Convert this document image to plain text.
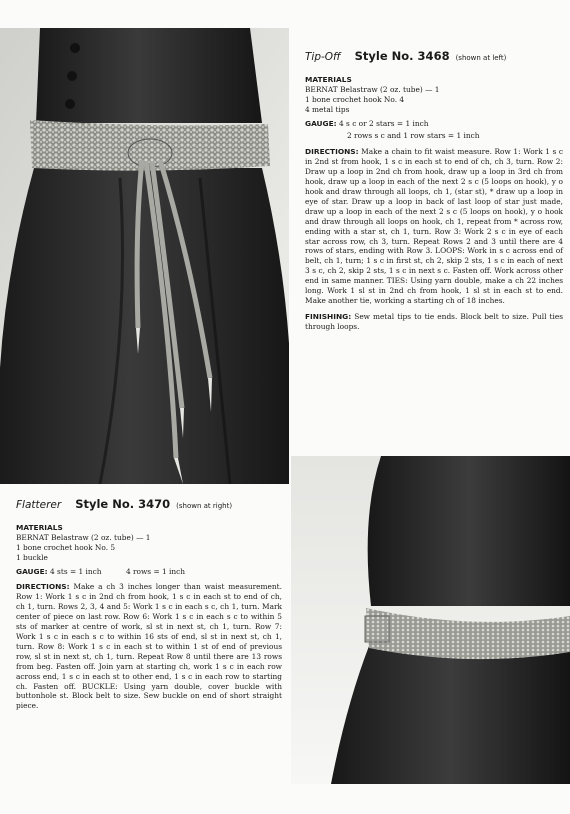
Tip-Off Style No. 3468 (shown at left)
MATERIALS
BERNAT Belastraw (2 oz. tube) — 1
1 bone crochet hook No. 4
4 metal tips
GAUGE: 4 s c or 2 stars = 1 inch
2 rows s c and 1 row stars = 1 inch
DIRECTIONS: Make a chain to fit waist measure. Row 1: Work 1 s c in 2nd st from hook, 1 s c in each st to end of ch, ch 3, turn. Row 2: Draw up a loop in 2nd ch from hook, draw up a loop in 3rd ch from hook, draw up a loop in each of the next 2 s c (5 loops on hook), y o hook and draw through all loops, ch 1, (star st), * draw up a loop in eye of star. Draw up a loop in back of last loop of star just made, draw up a loop in each of the next 2 s c (5 loops on hook), y o hook and draw through all loops on hook, ch 1, repeat from * across row, ending with a star st, ch 1, turn. Row 3: Work 2 s c in eye of each star across row, ch 3, turn. Repeat Rows 2 and 3 until there are 4 rows of stars, ending with Row 3. LOOPS: Work in s c across end of belt, ch 1, turn; 1 s c in first st, ch 2, skip 2 sts, 1 s c in each of next 3 s c, ch 2, skip 2 sts, 1 s c in next s c. Fasten off. Work across other end in same manner. TIES: Using yarn double, make a ch 22 inches long. Work 1 sl st in 2nd ch from hook, 1 sl st in each st to end. Make another tie, working a starting ch of 18 inches.
FINISHING: Sew metal tips to tie ends. Block belt to size. Pull ties through loops.
Flatterer Style No. 3470 (shown at right)
MATERIALS
BERNAT Belastraw (2 oz. tube) — 1
1 bone crochet hook No. 5
1 buckle
GAUGE: 4 sts = 1 inch	4 rows = 1 inch
DIRECTIONS: Make a ch 3 inches longer than waist measurement. Row 1: Work 1 s c in 2nd ch from hook, 1 s c in each st to end of ch, ch 1, turn. Rows 2, 3, 4 and 5: Work 1 s c in each s c, ch 1, turn. Mark center of piece on last row. Row 6: Work 1 s c in each s c to within 5 sts of marker at centre of work, sl st in next st, ch 1, turn. Row 7: Work 1 s c in each s c to within 16 sts of end, sl st in next st, ch 1, turn. Row 8: Work 1 s c in each st to within 1 st of end of previous row, sl st in next st, ch 1, turn. Repeat Row 8 until there are 13 rows from beg. Fasten off. Join yarn at starting ch, work 1 s c in each row across end, 1 s c in each st to other end, 1 s c in each row to starting ch. Fasten off. BUCKLE: Using yarn double, cover buckle with buttonhole st. Block belt to size. Sew buckle on end of short straight piece.
